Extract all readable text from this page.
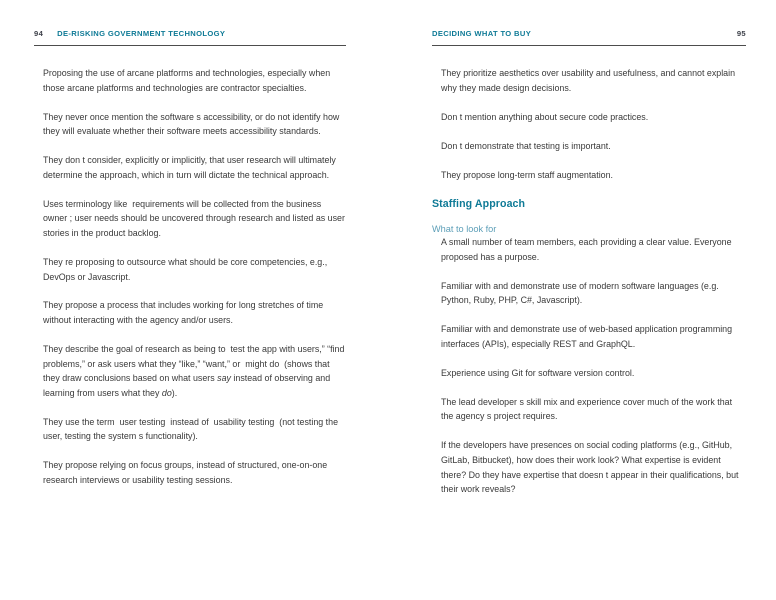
94 DE-RISKING GOVERNMENT TECHNOLOGY

Proposing the use of arcane platforms and technologies, especially when those arcane platforms and technologies are contractor specialties.

They never once mention the software s accessibility, or do not identify how they will evaluate whether their software meets accessibility standards.

They don t consider, explicitly or implicitly, that user research will ultimately determine the approach, which in turn will dictate the technical approach.

Uses terminology like  requirements will be collected from the business owner ; user needs should be uncovered through research and listed as user stories in the product backlog.

They re proposing to outsource what should be core competencies, e.g., DevOps or Javascript.

They propose a process that includes working for long stretches of time without interacting with the agency and/or users.

They describe the goal of research as being to  test the app with users,” “find problems,” or ask users what they “like,” “want,” or  might do  (shows that they draw conclusions based on what users say instead of observing and learning from users what they do).

They use the term  user testing  instead of  usability testing  (not testing the user, testing the system s functionality).

They propose relying on focus groups, instead of structured, one-on-one research interviews or usability testing sessions.

DECIDING WHAT TO BUY	95

They prioritize aesthetics over usability and usefulness, and cannot explain why they made design decisions.

Don t mention anything about secure code practices.

Don t demonstrate that testing is important.

They propose long-term staff augmentation.

Staffing Approach
What to look for

A small number of team members, each providing a clear value. Everyone proposed has a purpose.

Familiar with and demonstrate use of modern software languages (e.g. Python, Ruby, PHP, C#, Javascript).

Familiar with and demonstrate use of web-based application programming interfaces (APIs), especially REST and GraphQL.

Experience using Git for software version control.

The lead developer s skill mix and experience cover much of the work that the agency s project requires.

If the developers have presences on social coding platforms (e.g., GitHub, GitLab, Bitbucket), how does their work look? What expertise is evident there? Do they have expertise that doesn t appear in their qualifications, but their work reveals?
